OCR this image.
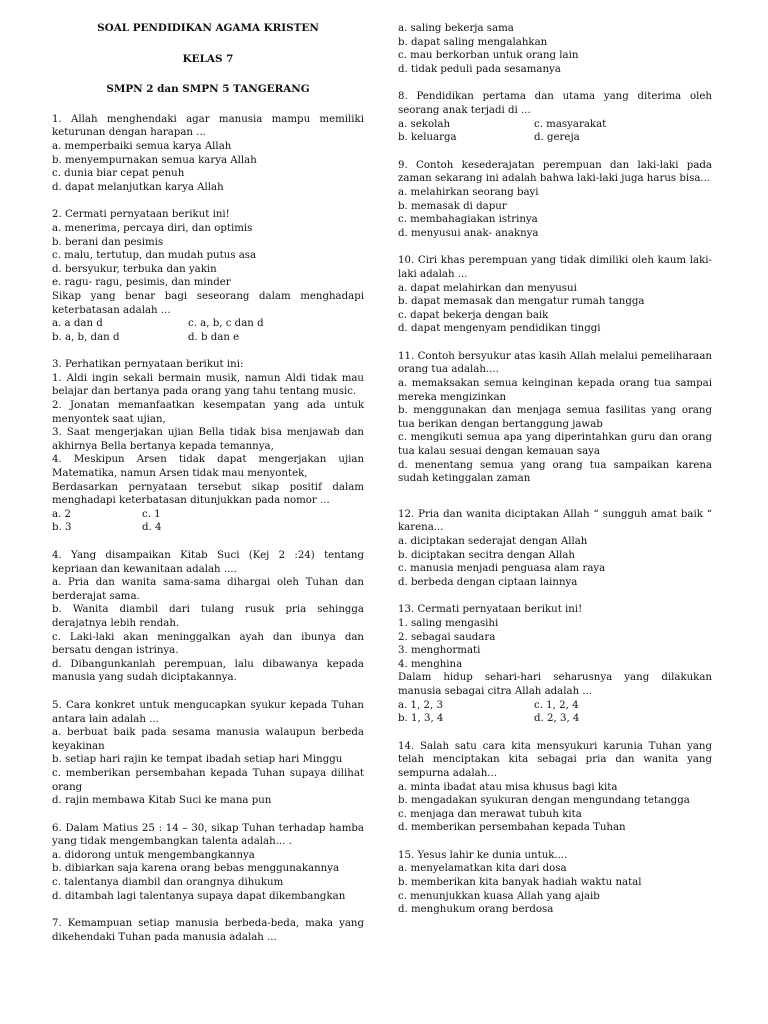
SOAL PENDIDIKAN AGAMA KRISTEN
KELAS 7
SMPN 2 dan SMPN 5 TANGERANG
1. Allah menghendaki agar manusia mampu memiliki keturunan dengan harapan ...
a. memperbaiki semua karya Allah
b. menyempurnakan semua karya Allah
c. dunia biar cepat penuh
d. dapat melanjutkan karya Allah
2. Cermati pernyataan berikut ini!
a. menerima, percaya diri, dan optimis
b. berani dan pesimis
c. malu, tertutup, dan mudah putus asa
d. bersyukur, terbuka dan yakin
e. ragu- ragu, pesimis, dan minder
Sikap yang benar bagi seseorang dalam menghadapi keterbatasan adalah ...
a. a dan d	c. a, b, c dan d
b. a, b, dan d	d. b dan e
3. Perhatikan pernyataan berikut ini:
1. Aldi ingin sekali bermain musik, namun Aldi tidak mau belajar dan bertanya pada orang yang tahu tentang music.
2. Jonatan memanfaatkan kesempatan yang ada untuk menyontek saat ujian,
3. Saat mengerjakan ujian Bella tidak bisa menjawab dan akhirnya Bella bertanya kepada temannya,
4. Meskipun Arsen tidak dapat mengerjakan ujian Matematika, namun Arsen tidak mau menyontek,
Berdasarkan pernyataan tersebut sikap positif dalam menghadapi keterbatasan ditunjukkan pada nomor ...
a. 2	c. 1
b. 3	d. 4
4. Yang disampaikan Kitab Suci (Kej 2 :24) tentang kepriaan dan kewanitaan adalah ....
a. Pria dan wanita sama-sama dihargai oleh Tuhan dan berderajat sama.
b. Wanita diambil dari tulang rusuk pria sehingga derajatnya lebih rendah.
c. Laki-laki akan meninggalkan ayah dan ibunya dan bersatu dengan istrinya.
d. Dibangunkanlah perempuan, lalu dibawanya kepada manusia yang sudah diciptakannya.
5. Cara konkret untuk mengucapkan syukur kepada Tuhan antara lain adalah ...
a. berbuat baik pada sesama manusia walaupun berbeda keyakinan
b. setiap hari rajin ke tempat ibadah setiap hari Minggu
c. memberikan persembahan kepada Tuhan supaya dilihat orang
d. rajin membawa Kitab Suci ke mana pun
6. Dalam Matius 25 : 14 – 30, sikap Tuhan terhadap hamba yang tidak mengembangkan talenta adalah... .
a. didorong untuk mengembangkannya
b. dibiarkan saja karena orang bebas menggunakannya
c. talentanya diambil dan orangnya dihukum
d. ditambah lagi talentanya supaya dapat dikembangkan
7. Kemampuan setiap manusia berbeda-beda, maka yang dikehendaki Tuhan pada manusia adalah ...
a. saling bekerja sama
b. dapat saling mengalahkan
c. mau berkorban untuk orang lain
d. tidak peduli pada sesamanya
8. Pendidikan pertama dan utama yang diterima oleh seorang anak terjadi di ...
a. sekolah	c. masyarakat
b. keluarga	d. gereja
9. Contoh kesederajatan perempuan dan laki-laki pada zaman sekarang ini adalah bahwa laki-laki juga harus bisa...
a. melahirkan seorang bayi
b. memasak di dapur
c. membahagiakan istrinya
d. menyusui anak- anaknya
10. Ciri khas perempuan yang tidak dimiliki oleh kaum laki-laki adalah ...
a. dapat melahirkan dan menyusui
b. dapat memasak dan mengatur rumah tangga
c. dapat bekerja dengan baik
d. dapat mengenyam pendidikan tinggi
11. Contoh bersyukur atas kasih Allah melalui pemeliharaan orang tua adalah....
a. memaksakan semua keinginan kepada orang tua sampai mereka mengizinkan
b. menggunakan dan menjaga semua fasilitas yang orang tua berikan dengan bertanggung jawab
c. mengikuti semua apa yang diperintahkan guru dan orang tua kalau sesuai dengan kemauan saya
d. menentang semua yang orang tua sampaikan karena sudah ketinggalan zaman
12. Pria dan wanita diciptakan Allah “ sungguh amat baik “ karena...
a. diciptakan sederajat dengan Allah
b. diciptakan secitra dengan Allah
c. manusia menjadi penguasa alam raya
d. berbeda dengan ciptaan lainnya
13. Cermati pernyataan berikut ini!
1. saling mengasihi
2. sebagai saudara
3. menghormati
4. menghina
Dalam hidup sehari-hari seharusnya yang dilakukan manusia sebagai citra Allah adalah ...
a. 1, 2, 3	c. 1, 2, 4
b. 1, 3, 4	d. 2, 3, 4
14. Salah satu cara kita mensyukuri karunia Tuhan yang telah menciptakan kita sebagai pria dan wanita yang sempurna adalah...
a. minta ibadat atau misa khusus bagi kita
b. mengadakan syukuran dengan mengundang tetangga
c. menjaga dan merawat tubuh kita
d. memberikan persembahan kepada Tuhan
15. Yesus lahir ke dunia untuk....
a. menyelamatkan kita dari dosa
b. memberikan kita banyak hadiah waktu natal
c. menunjukkan kuasa Allah yang ajaib
d. menghukum orang berdosa
